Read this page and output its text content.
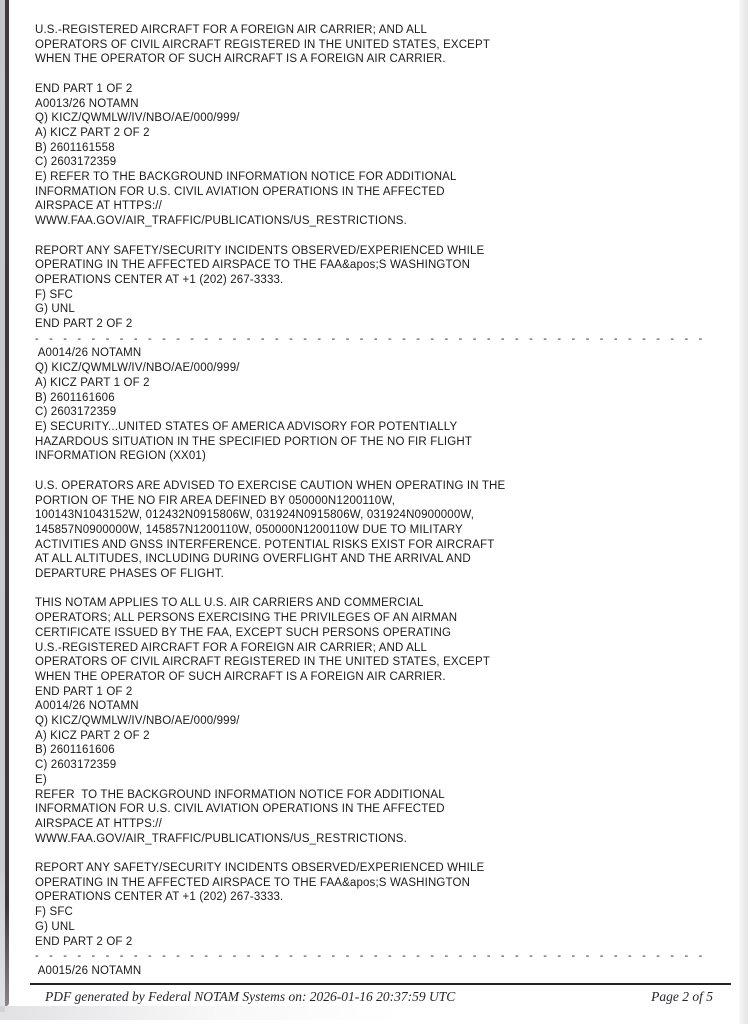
U.S.-REGISTERED AIRCRAFT FOR A FOREIGN AIR CARRIER; AND ALL
OPERATORS OF CIVIL AIRCRAFT REGISTERED IN THE UNITED STATES, EXCEPT
WHEN THE OPERATOR OF SUCH AIRCRAFT IS A FOREIGN AIR CARRIER.

END PART 1 OF 2
A0013/26 NOTAMN
Q) KICZ/QWMLW/IV/NBO/AE/000/999/
A) KICZ PART 2 OF 2
B) 2601161558
C) 2603172359
E) REFER TO THE BACKGROUND INFORMATION NOTICE FOR ADDITIONAL
INFORMATION FOR U.S. CIVIL AVIATION OPERATIONS IN THE AFFECTED
AIRSPACE AT HTTPS://
WWW.FAA.GOV/AIR_TRAFFIC/PUBLICATIONS/US_RESTRICTIONS.

REPORT ANY SAFETY/SECURITY INCIDENTS OBSERVED/EXPERIENCED WHILE
OPERATING IN THE AFFECTED AIRSPACE TO THE FAA&apos;S WASHINGTON
OPERATIONS CENTER AT +1 (202) 267-3333.
F) SFC
G) UNL
END PART 2 OF 2
- - - - - - - - - - - - - - - - - - - - - - - - - - - - - - - - - - - - - - - - - - - - - - - -
A0014/26 NOTAMN
Q) KICZ/QWMLW/IV/NBO/AE/000/999/
A) KICZ PART 1 OF 2
B) 2601161606
C) 2603172359
E) SECURITY...UNITED STATES OF AMERICA ADVISORY FOR POTENTIALLY
HAZARDOUS SITUATION IN THE SPECIFIED PORTION OF THE NO FIR FLIGHT
INFORMATION REGION (XX01)

U.S. OPERATORS ARE ADVISED TO EXERCISE CAUTION WHEN OPERATING IN THE
PORTION OF THE NO FIR AREA DEFINED BY 050000N1200110W,
100143N1043152W, 012432N0915806W, 031924N0915806W, 031924N0900000W,
145857N0900000W, 145857N1200110W, 050000N1200110W DUE TO MILITARY
ACTIVITIES AND GNSS INTERFERENCE. POTENTIAL RISKS EXIST FOR AIRCRAFT
AT ALL ALTITUDES, INCLUDING DURING OVERFLIGHT AND THE ARRIVAL AND
DEPARTURE PHASES OF FLIGHT.

THIS NOTAM APPLIES TO ALL U.S. AIR CARRIERS AND COMMERCIAL
OPERATORS; ALL PERSONS EXERCISING THE PRIVILEGES OF AN AIRMAN
CERTIFICATE ISSUED BY THE FAA, EXCEPT SUCH PERSONS OPERATING
U.S.-REGISTERED AIRCRAFT FOR A FOREIGN AIR CARRIER; AND ALL
OPERATORS OF CIVIL AIRCRAFT REGISTERED IN THE UNITED STATES, EXCEPT
WHEN THE OPERATOR OF SUCH AIRCRAFT IS A FOREIGN AIR CARRIER.
END PART 1 OF 2
A0014/26 NOTAMN
Q) KICZ/QWMLW/IV/NBO/AE/000/999/
A) KICZ PART 2 OF 2
B) 2601161606
C) 2603172359
E)
REFER  TO THE BACKGROUND INFORMATION NOTICE FOR ADDITIONAL
INFORMATION FOR U.S. CIVIL AVIATION OPERATIONS IN THE AFFECTED
AIRSPACE AT HTTPS://
WWW.FAA.GOV/AIR_TRAFFIC/PUBLICATIONS/US_RESTRICTIONS.

REPORT ANY SAFETY/SECURITY INCIDENTS OBSERVED/EXPERIENCED WHILE
OPERATING IN THE AFFECTED AIRSPACE TO THE FAA&apos;S WASHINGTON
OPERATIONS CENTER AT +1 (202) 267-3333.
F) SFC
G) UNL
END PART 2 OF 2
- - - - - - - - - - - - - - - - - - - - - - - - - - - - - - - - - - - - - - - - - - - - - - - -
A0015/26 NOTAMN
PDF generated by Federal NOTAM Systems on: 2026-01-16 20:37:59 UTC	Page 2 of 5
